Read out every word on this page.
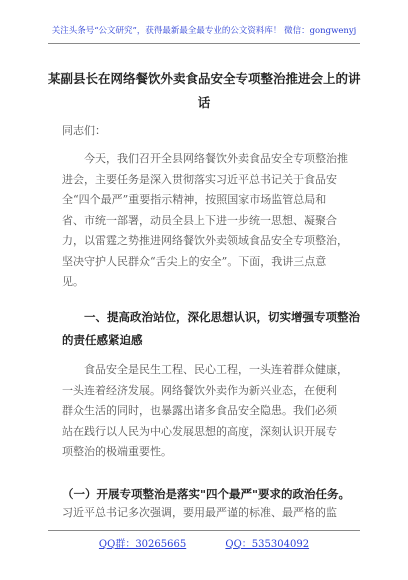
关注头条号“公文研究”，获得最新最全最专业的公文资料库！ 微信：gongwenyj
某副县长在网络餐饮外卖食品安全专项整治推进会上的讲
话
同志们：
今天，我们召开全县网络餐饮外卖食品安全专项整治推
进会，主要任务是深入贯彻落实习近平总书记关于食品安
全“四个最严”重要指示精神，按照国家市场监管总局和
省、市统一部署，动员全县上下进一步统一思想、凝聚合
力，以雷霆之势推进网络餐饮外卖领域食品安全专项整治，
坚决守护人民群众“舌尖上的安全”。下面，我讲三点意
见。
一、提高政治站位，深化思想认识，切实增强专项整治
的责任感紧迫感
食品安全是民生工程、民心工程，一头连着群众健康，
一头连着经济发展。网络餐饮外卖作为新兴业态，在便利
群众生活的同时，也暴露出诸多食品安全隐患。我们必须
站在践行以人民为中心发展思想的高度，深刻认识开展专
项整治的极端重要性。
（一）开展专项整治是落实"四个最严"要求的政治任务。
习近平总书记多次强调，要用最严谨的标准、最严格的监
QQ群：30265665	QQ：535304092
